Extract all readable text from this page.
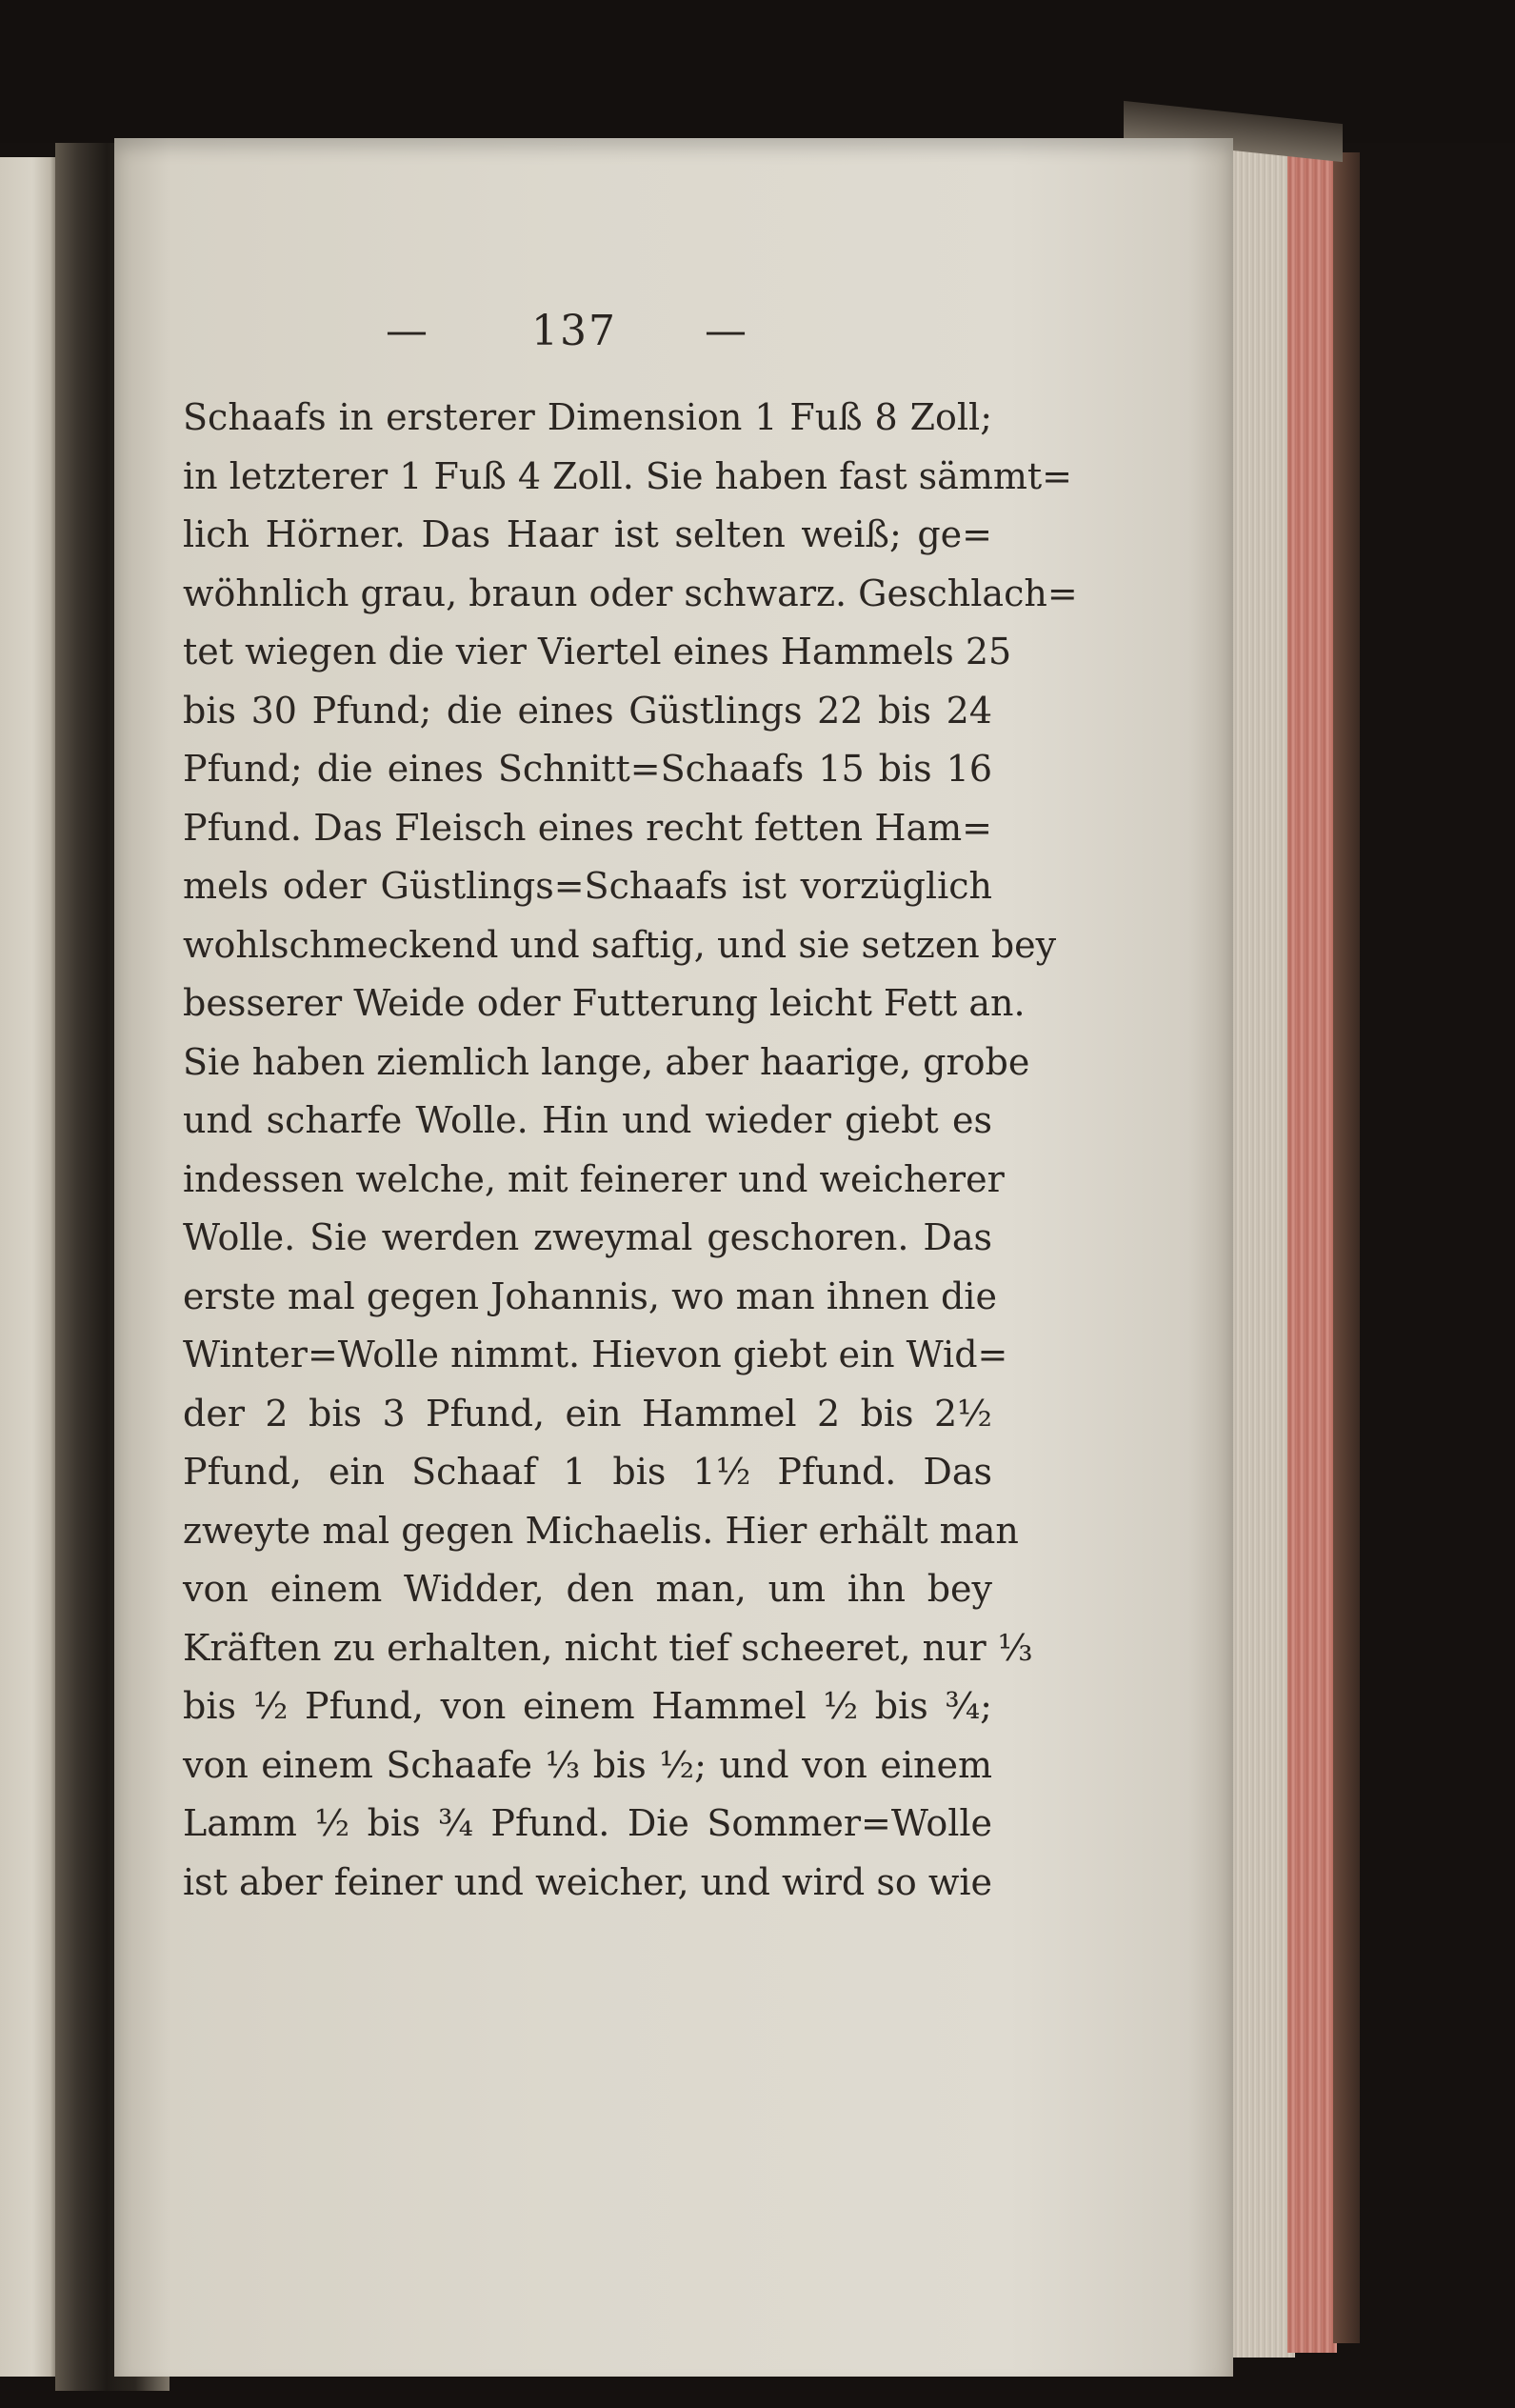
— 137 —
Schaafs in ersterer Dimension 1 Fuß 8 Zoll;
in letzterer 1 Fuß 4 Zoll. Sie haben fast sämmt=
lich Hörner. Das Haar ist selten weiß; ge=
wöhnlich grau, braun oder schwarz. Geschlach=
tet wiegen die vier Viertel eines Hammels 25
bis 30 Pfund; die eines Güstlings 22 bis 24
Pfund; die eines Schnitt=Schaafs 15 bis 16
Pfund. Das Fleisch eines recht fetten Ham=
mels oder Güstlings=Schaafs ist vorzüglich
wohlschmeckend und saftig, und sie setzen bey
besserer Weide oder Futterung leicht Fett an.
Sie haben ziemlich lange, aber haarige, grobe
und scharfe Wolle. Hin und wieder giebt es
indessen welche, mit feinerer und weicherer
Wolle. Sie werden zweymal geschoren. Das
erste mal gegen Johannis, wo man ihnen die
Winter=Wolle nimmt. Hievon giebt ein Wid=
der 2 bis 3 Pfund, ein Hammel 2 bis 2½
Pfund, ein Schaaf 1 bis 1½ Pfund. Das
zweyte mal gegen Michaelis. Hier erhält man
von einem Widder, den man, um ihn bey
Kräften zu erhalten, nicht tief scheeret, nur ⅓
bis ½ Pfund, von einem Hammel ½ bis ¾;
von einem Schaafe ⅓ bis ½; und von einem
Lamm ½ bis ¾ Pfund. Die Sommer=Wolle
ist aber feiner und weicher, und wird so wie
